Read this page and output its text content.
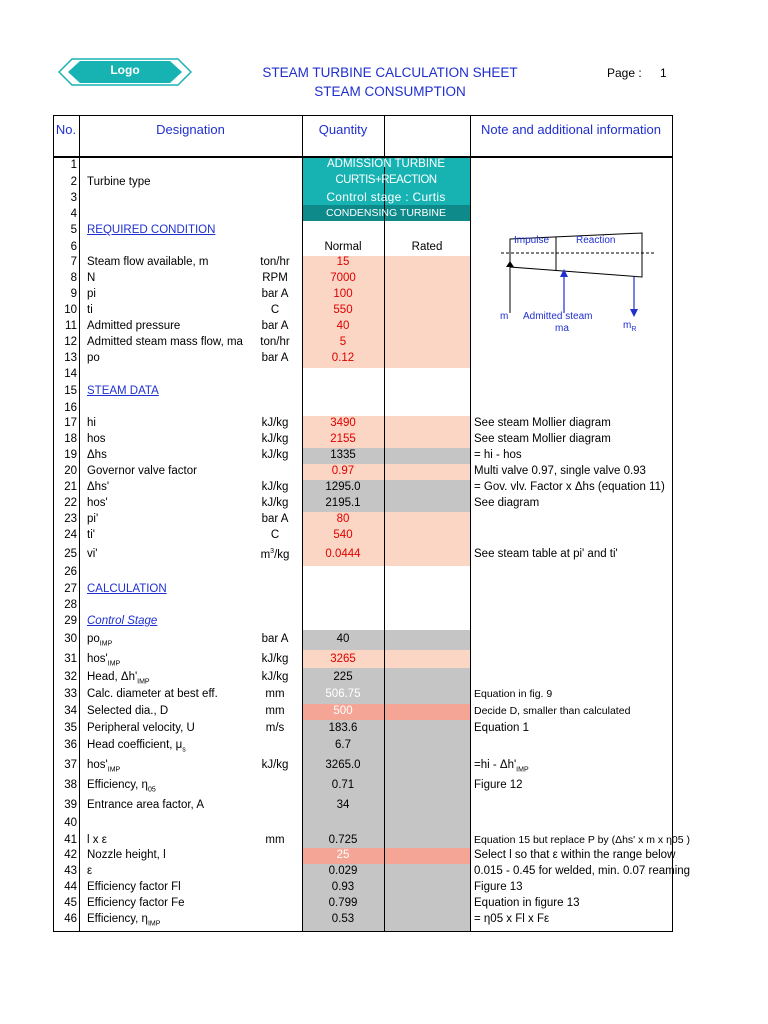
Logo	STEAM TURBINE CALCULATION SHEET
STEAM CONSUMPTION
Page : 1
No.	Designation	Quantity	Note and additional information
ADMISSION TURBINE
CURTIS+REACTION
Control stage : Curtis
CONDENSING TURBINE
Normal	Rated
1
2 Turbine type
3
4
5 REQUIRED CONDITION
6
7 Steam flow available, m	ton/hr	15
8 N	RPM	7000
9 pi	bar A	100
10 ti	C	550
11 Admitted pressure	bar A	40
12 Admitted steam mass flow, ma	ton/hr	5
13 po	bar A	0.12
14
15 STEAM DATA
16
17 hi	kJ/kg	3490	See steam Mollier diagram
18 hos	kJ/kg	2155	See steam Mollier diagram
19 Δhs	kJ/kg	1335	= hi - hos
20 Governor valve factor	0.97	Multi valve 0.97, single valve 0.93
21 Δhs'	kJ/kg	1295.0	= Gov. vlv. Factor x Δhs (equation 11)
22 hos'	kJ/kg	2195.1	See diagram
23 pi'	bar A	80
24 ti'	C	540
25 vi'	$m^3/kg$	0.0444	See steam table at pi' and ti'
26
27 CALCULATION
28
29 Control Stage
30 $po_{IMP}$	bar A	40
31 $hos'_{IMP}$	kJ/kg	3265
32 Head, $\Delta h'_{IMP}$	kJ/kg	225
33 Calc. diameter at best eff.	mm	506.75	Equation in fig. 9
34 Selected dia., D	mm	500	Decide D, smaller than calculated
35 Peripheral velocity, U	m/s	183.6	Equation 1
36 Head coefficient, $\mu_s$	6.7
37 $hos'_{IMP}$	kJ/kg	3265.0	$=hi - \Delta h'_{IMP}$
38 Efficiency, $\eta_{05}$	0.71	Figure 12
39 Entrance area factor, A	34
40
41 l x ε	mm	0.725	Equation 15 but replace P by (Δhs' x m x η05 )
42 Nozzle height, l	25	Select l so that ε within the range below
43 ε	0.029	0.015 - 0.45 for welded, min. 0.07 reaming
44 Efficiency factor Fl	0.93	Figure 13
45 Efficiency factor Fe	0.799	Equation in figure 13
46 Efficiency, $\eta_{IMP}$	0.53	= η05 x Fl x Fε
Impulse	Reaction
m	Admitted steam
ma	$m_R$
